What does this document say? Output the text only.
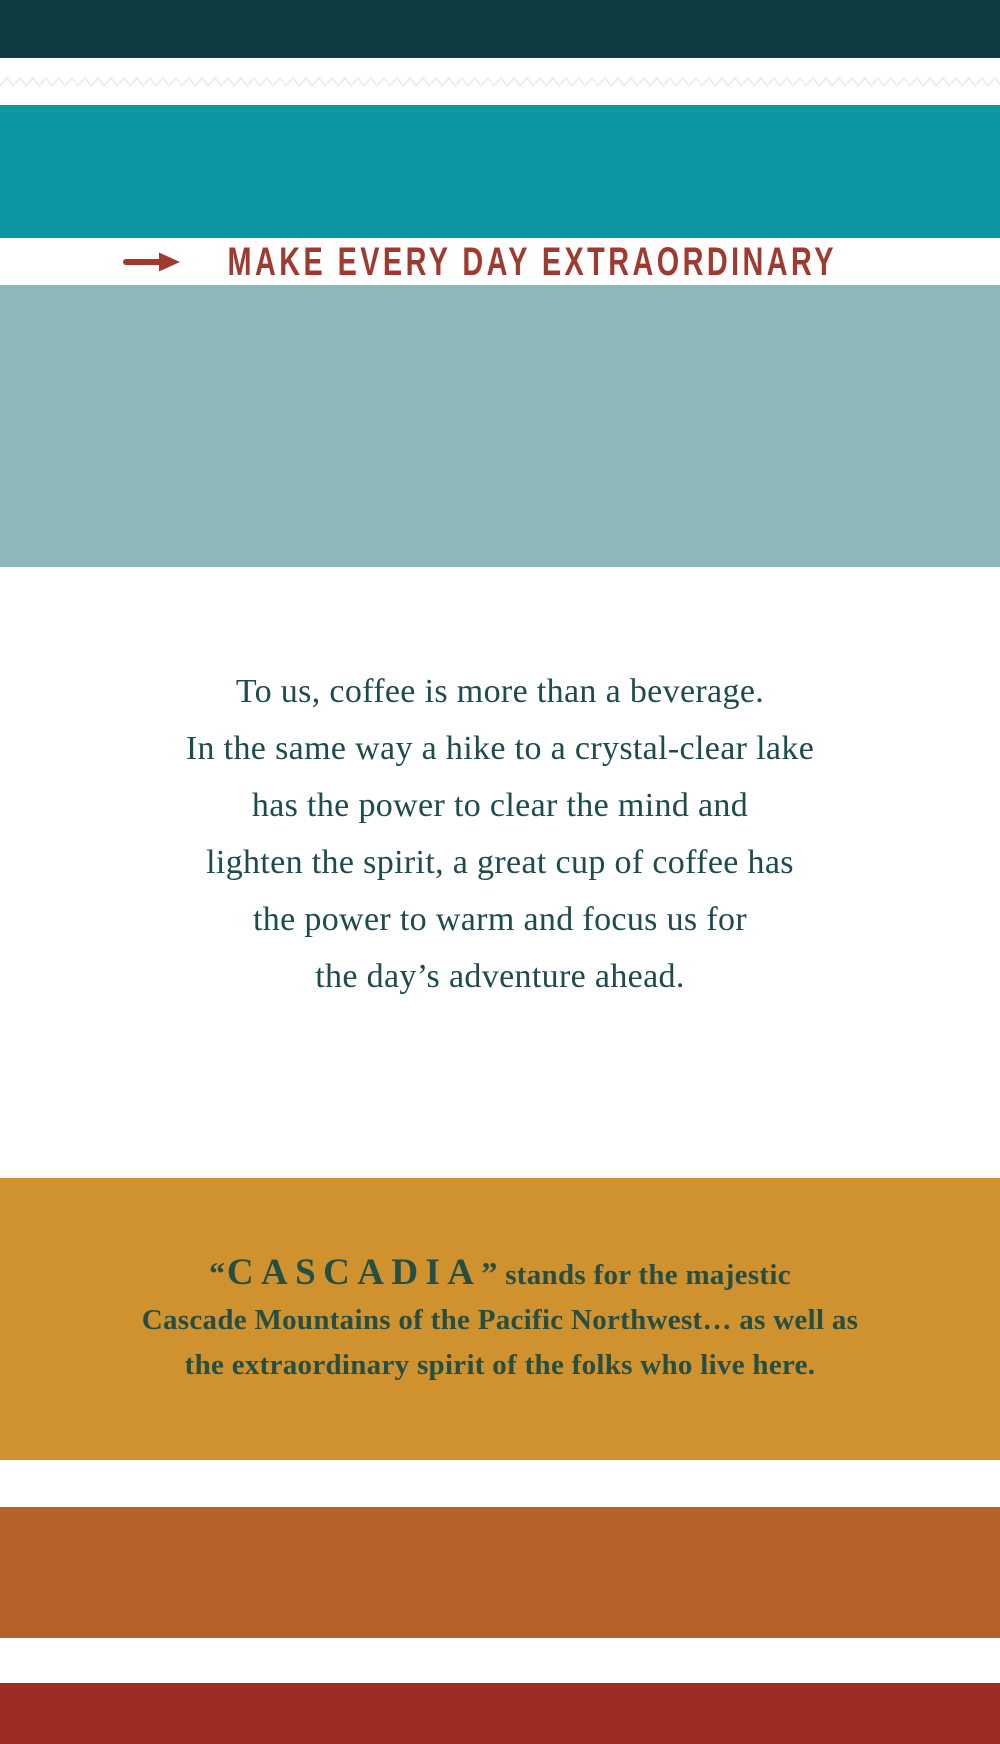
MAKE EVERY DAY EXTRAORDINARY

To us, coffee is more than a beverage.

In the same way a hike to a crystal-clear lake

has the power to clear the mind and

lighten the spirit, a great cup of coffee has

the power to warm and focus us for

the day’s adventure ahead.

“CASCADIA” stands for the majestic

Cascade Mountains of the Pacific Northwest… as well as

the extraordinary spirit of the folks who live here.
